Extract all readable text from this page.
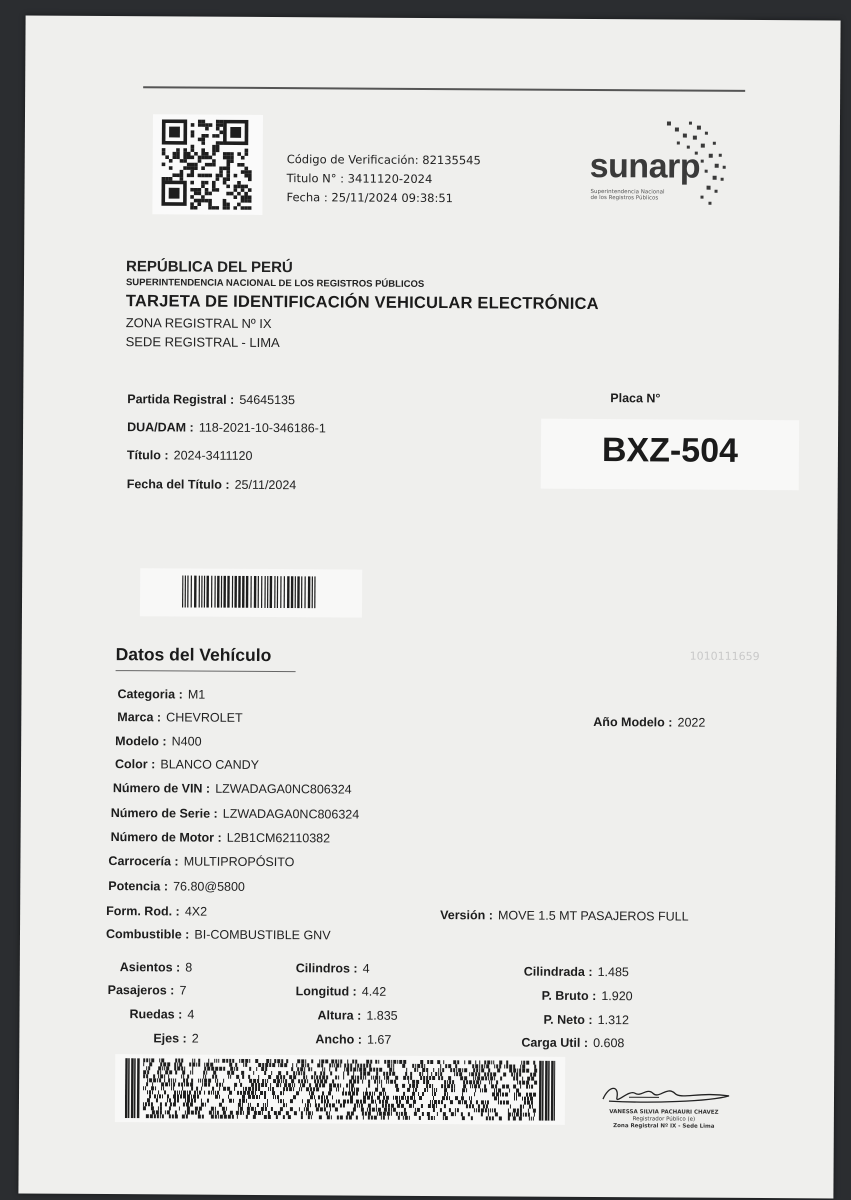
Código de Verificación: 82135545
Titulo N° : 3411120-2024
Fecha : 25/11/2024 09:38:51
sunarp
Superintendencia Nacional
de los Registros Públicos
REPÚBLICA DEL PERÚ
SUPERINTENDENCIA NACIONAL DE LOS REGISTROS PÚBLICOS
TARJETA DE IDENTIFICACIÓN VEHICULAR ELECTRÓNICA
ZONA REGISTRAL Nº IX
SEDE REGISTRAL - LIMA
Partida Registral : 54645135
DUA/DAM : 118-2021-10-346186-1
Título : 2024-3411120
Fecha del Título : 25/11/2024
Placa N°
BXZ-504
Datos del Vehículo	1010111659
Categoria : M1
Marca : CHEVROLET	Año Modelo : 2022
Modelo : N400
Color : BLANCO CANDY
Número de VIN : LZWADAGA0NC806324
Número de Serie : LZWADAGA0NC806324
Número de Motor : L2B1CM62110382
Carrocería : MULTIPROPÓSITO
Potencia : 76.80@5800
Form. Rod. : 4X2	Versión : MOVE 1.5 MT PASAJEROS FULL
Combustible : BI-COMBUSTIBLE GNV
Asientos : 8
Pasajeros : 7
Ruedas : 4
Ejes : 2
Cilindros : 4
Longitud : 4.42
Altura : 1.835
Ancho : 1.67
Cilindrada : 1.485
P. Bruto : 1.920
P. Neto : 1.312
Carga Util : 0.608
VANESSA SILVIA PACHAURI CHAVEZ
Registrador Público (e)
Zona Registral Nº IX - Sede Lima
